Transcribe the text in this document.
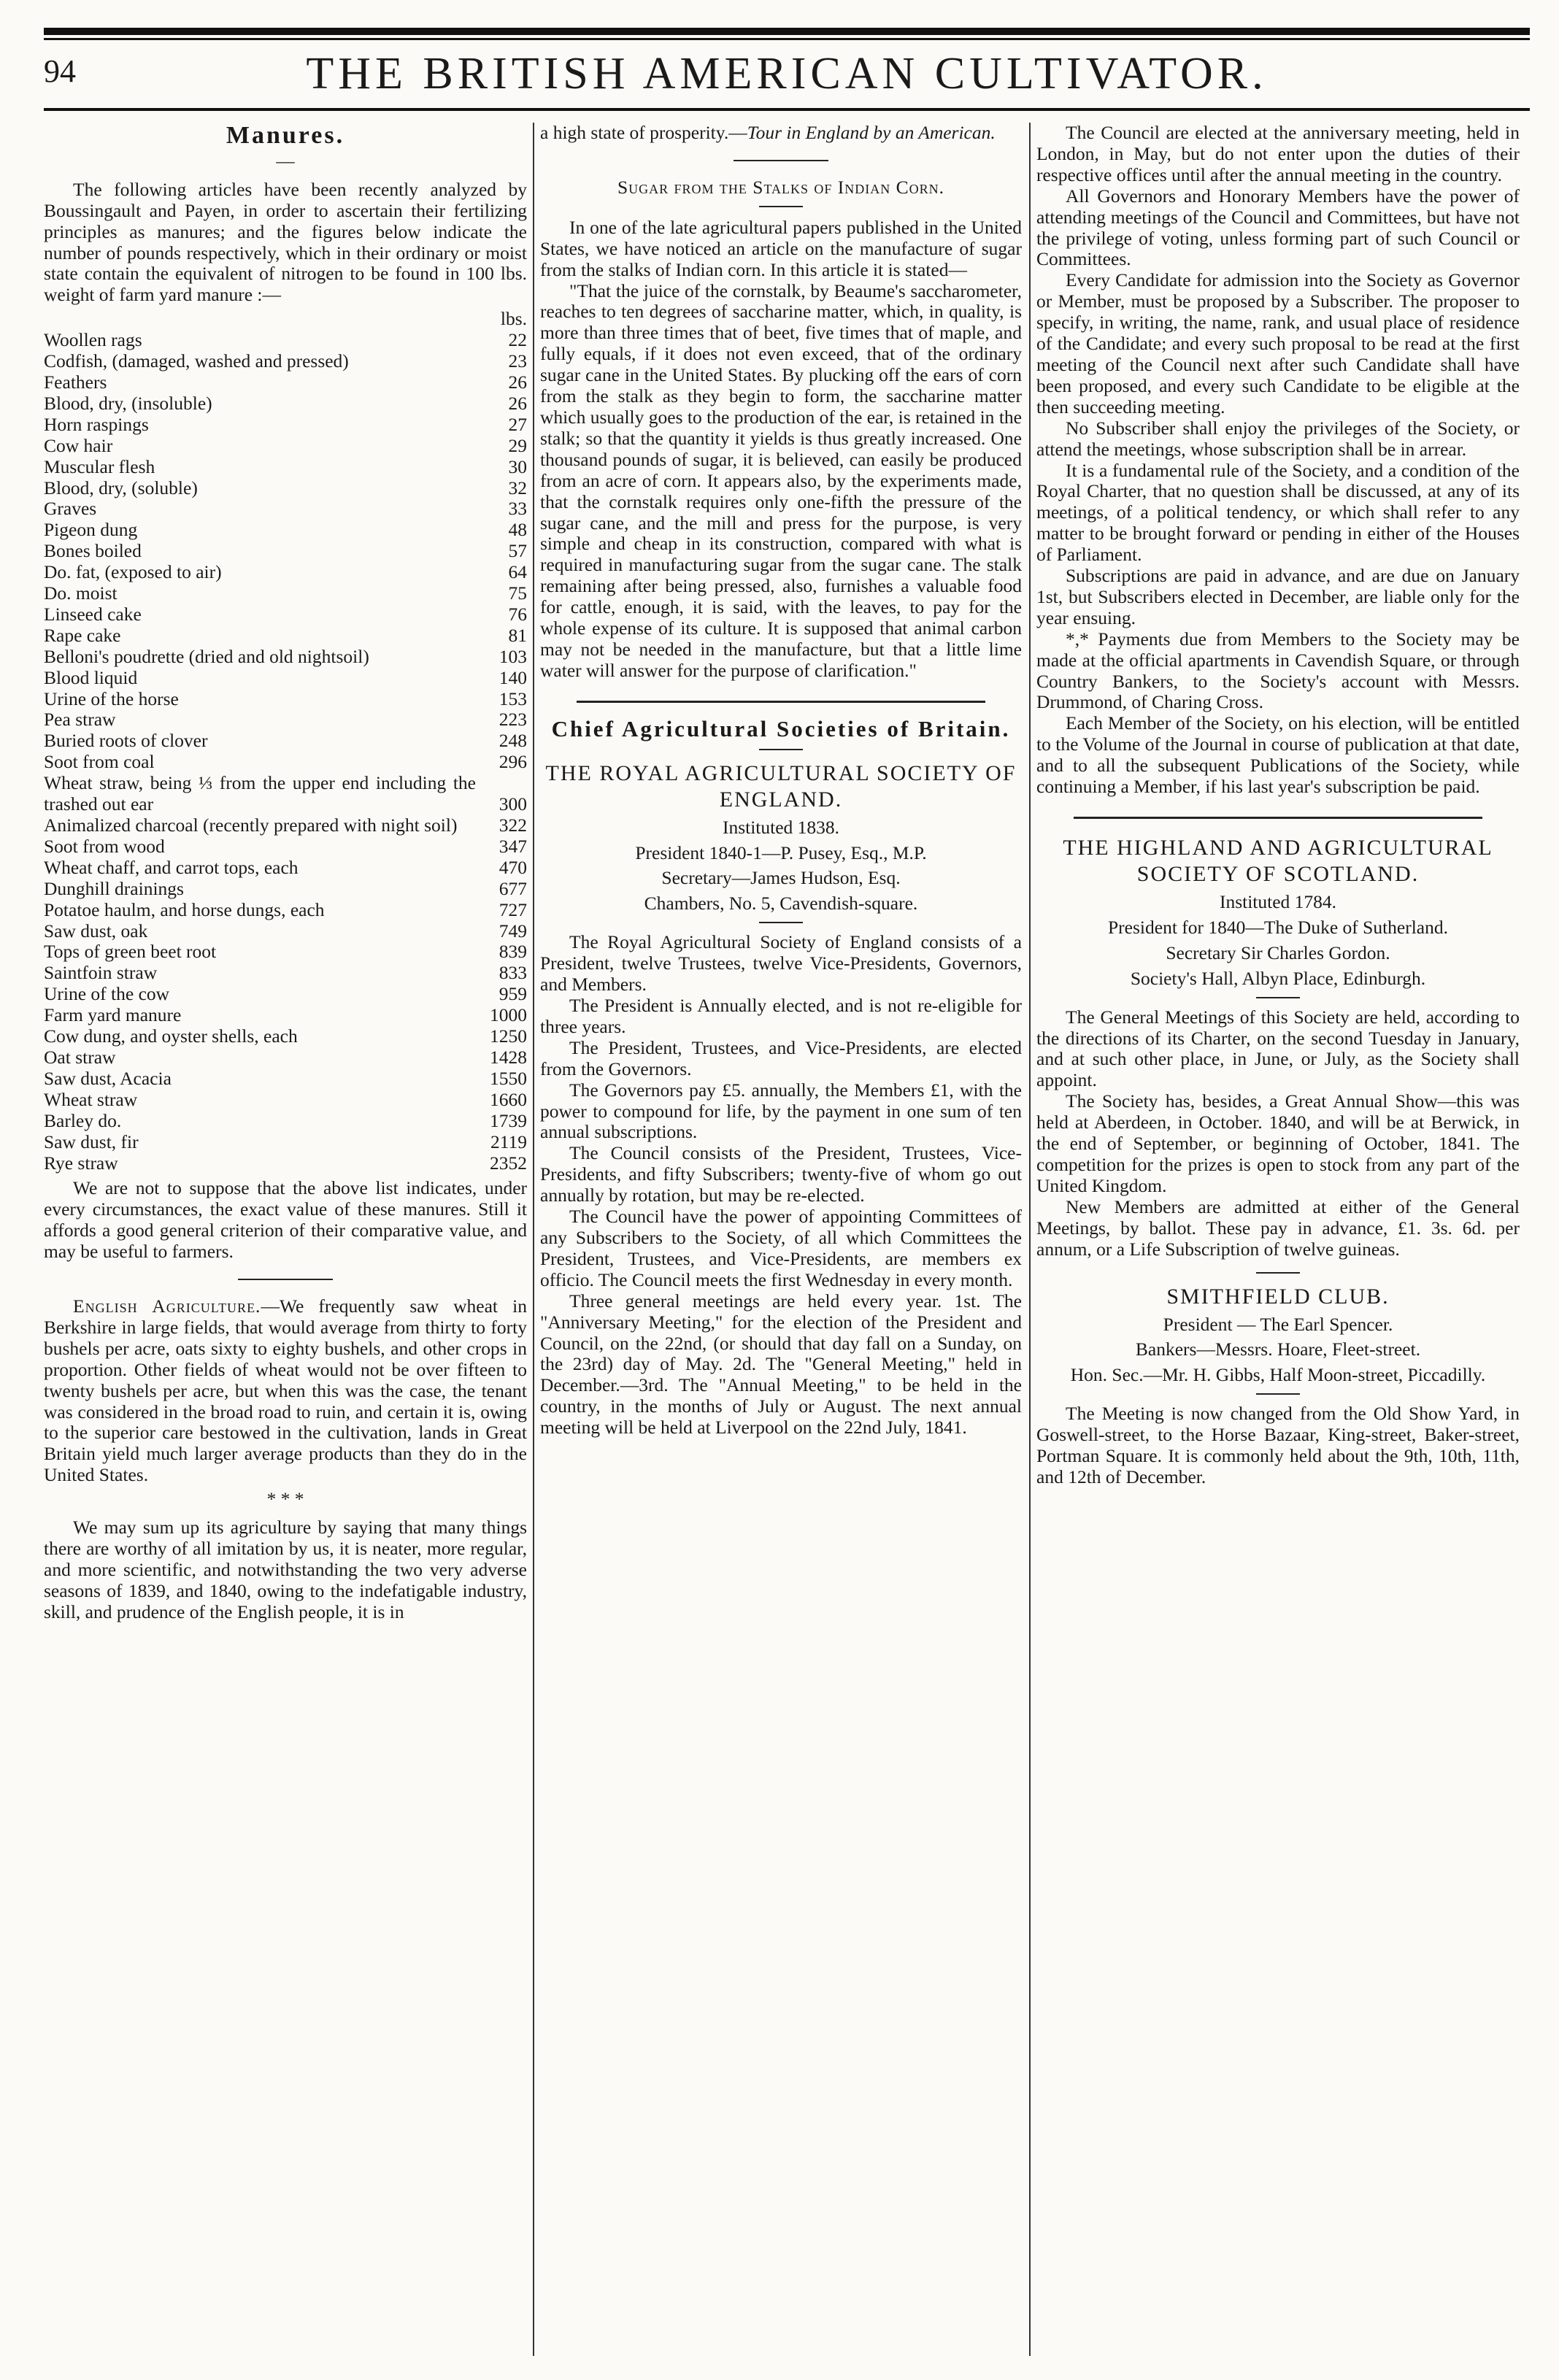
94	THE BRITISH AMERICAN CULTIVATOR.
Manures.
—

The following articles have been recently analyzed by Boussingault and Payen, in order to ascertain their fertilizing principles as manures; and the figures below indicate the number of pounds respectively, which in their ordinary or moist state contain the equivalent of nitrogen to be found in 100 lbs. weight of farm yard manure :—

lbs.	
Woollen rags	22
Codfish, (damaged, washed and pressed)	23
Feathers	26
Blood, dry, (insoluble)	26
Horn raspings	27
Cow hair	29
Muscular flesh	30
Blood, dry, (soluble)	32
Graves	33
Pigeon dung	48
Bones boiled	57
Do. fat, (exposed to air)	64
Do. moist	75
Linseed cake	76
Rape cake	81
Belloni's poudrette (dried and old nightsoil)	103
Blood liquid	140
Urine of the horse	153
Pea straw	223
Buried roots of clover	248
Soot from coal	296
Wheat straw, being ⅓ from the upper end including the trashed out ear	300
Animalized charcoal (recently prepared with night soil)	322
Soot from wood	347
Wheat chaff, and carrot tops, each	470
Dunghill drainings	677
Potatoe haulm, and horse dungs, each	727
Saw dust, oak	749
Tops of green beet root	839
Saintfoin straw	833
Urine of the cow	959
Farm yard manure	1000
Cow dung, and oyster shells, each	1250
Oat straw	1428
Saw dust, Acacia	1550
Wheat straw	1660
Barley do.	1739
Saw dust, fir	2119
Rye straw	2352

We are not to suppose that the above list indicates, under every circumstances, the exact value of these manures. Still it affords a good general criterion of their comparative value, and may be useful to farmers.

English Agriculture.—We frequently saw wheat in Berkshire in large fields, that would average from thirty to forty bushels per acre, oats sixty to eighty bushels, and other crops in proportion. Other fields of wheat would not be over fifteen to twenty bushels per acre, but when this was the case, the tenant was considered in the broad road to ruin, and certain it is, owing to the superior care bestowed in the cultivation, lands in Great Britain yield much larger average products than they do in the United States.

* * *

We may sum up its agriculture by saying that many things there are worthy of all imitation by us, it is neater, more regular, and more scientific, and notwithstanding the two very adverse seasons of 1839, and 1840, owing to the indefatigable industry, skill, and prudence of the English people, it is in

a high state of prosperity.—Tour in England by an American.

Sugar from the Stalks of Indian Corn.

In one of the late agricultural papers published in the United States, we have noticed an article on the manufacture of sugar from the stalks of Indian corn. In this article it is stated—

"That the juice of the cornstalk, by Beaume's saccharometer, reaches to ten degrees of saccharine matter, which, in quality, is more than three times that of beet, five times that of maple, and fully equals, if it does not even exceed, that of the ordinary sugar cane in the United States. By plucking off the ears of corn from the stalk as they begin to form, the saccharine matter which usually goes to the production of the ear, is retained in the stalk; so that the quantity it yields is thus greatly increased. One thousand pounds of sugar, it is believed, can easily be produced from an acre of corn. It appears also, by the experiments made, that the cornstalk requires only one-fifth the pressure of the sugar cane, and the mill and press for the purpose, is very simple and cheap in its construction, compared with what is required in manufacturing sugar from the sugar cane. The stalk remaining after being pressed, also, furnishes a valuable food for cattle, enough, it is said, with the leaves, to pay for the whole expense of its culture. It is supposed that animal carbon may not be needed in the manufacture, but that a little lime water will answer for the purpose of clarification."

Chief Agricultural Societies of Britain.
THE ROYAL AGRICULTURAL SOCIETY OF ENGLAND.
Instituted 1838.
President 1840-1—P. Pusey, Esq., M.P.
Secretary—James Hudson, Esq.
Chambers, No. 5, Cavendish-square.

The Royal Agricultural Society of England consists of a President, twelve Trustees, twelve Vice-Presidents, Governors, and Members.

The President is Annually elected, and is not re-eligible for three years.

The President, Trustees, and Vice-Presidents, are elected from the Governors.

The Governors pay £5. annually, the Members £1, with the power to compound for life, by the payment in one sum of ten annual subscriptions.

The Council consists of the President, Trustees, Vice-Presidents, and fifty Subscribers; twenty-five of whom go out annually by rotation, but may be re-elected.

The Council have the power of appointing Committees of any Subscribers to the Society, of all which Committees the President, Trustees, and Vice-Presidents, are members ex officio. The Council meets the first Wednesday in every month.

Three general meetings are held every year. 1st. The "Anniversary Meeting," for the election of the President and Council, on the 22nd, (or should that day fall on a Sunday, on the 23rd) day of May. 2d. The "General Meeting," held in December.—3rd. The "Annual Meeting," to be held in the country, in the months of July or August. The next annual meeting will be held at Liverpool on the 22nd July, 1841.

The Council are elected at the anniversary meeting, held in London, in May, but do not enter upon the duties of their respective offices until after the annual meeting in the country.

All Governors and Honorary Members have the power of attending meetings of the Council and Committees, but have not the privilege of voting, unless forming part of such Council or Committees.

Every Candidate for admission into the Society as Governor or Member, must be proposed by a Subscriber. The proposer to specify, in writing, the name, rank, and usual place of residence of the Candidate; and every such proposal to be read at the first meeting of the Council next after such Candidate shall have been proposed, and every such Candidate to be eligible at the then succeeding meeting.

No Subscriber shall enjoy the privileges of the Society, or attend the meetings, whose subscription shall be in arrear.

It is a fundamental rule of the Society, and a condition of the Royal Charter, that no question shall be discussed, at any of its meetings, of a political tendency, or which shall refer to any matter to be brought forward or pending in either of the Houses of Parliament.

Subscriptions are paid in advance, and are due on January 1st, but Subscribers elected in December, are liable only for the year ensuing.

*,* Payments due from Members to the Society may be made at the official apartments in Cavendish Square, or through Country Bankers, to the Society's account with Messrs. Drummond, of Charing Cross.

Each Member of the Society, on his election, will be entitled to the Volume of the Journal in course of publication at that date, and to all the subsequent Publications of the Society, while continuing a Member, if his last year's subscription be paid.

THE HIGHLAND AND AGRICULTURAL SOCIETY OF SCOTLAND.
Instituted 1784.
President for 1840—The Duke of Sutherland.
Secretary Sir Charles Gordon.
Society's Hall, Albyn Place, Edinburgh.

The General Meetings of this Society are held, according to the directions of its Charter, on the second Tuesday in January, and at such other place, in June, or July, as the Society shall appoint.

The Society has, besides, a Great Annual Show—this was held at Aberdeen, in October. 1840, and will be at Berwick, in the end of September, or beginning of October, 1841. The competition for the prizes is open to stock from any part of the United Kingdom.

New Members are admitted at either of the General Meetings, by ballot. These pay in advance, £1. 3s. 6d. per annum, or a Life Subscription of twelve guineas.

SMITHFIELD CLUB.
President — The Earl Spencer.
Bankers—Messrs. Hoare, Fleet-street.
Hon. Sec.—Mr. H. Gibbs, Half Moon-street, Piccadilly.

The Meeting is now changed from the Old Show Yard, in Goswell-street, to the Horse Bazaar, King-street, Baker-street, Portman Square. It is commonly held about the 9th, 10th, 11th, and 12th of December.
